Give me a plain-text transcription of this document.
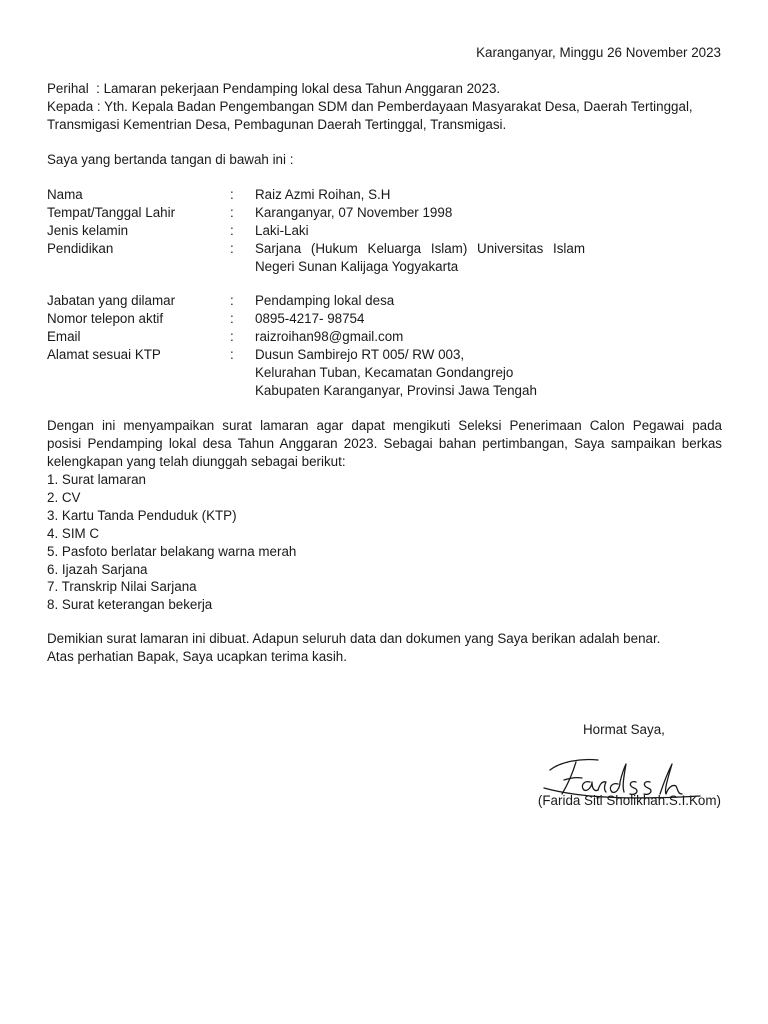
Karanganyar, Minggu 26 November 2023
Perihal  : Lamaran pekerjaan Pendamping lokal desa Tahun Anggaran 2023.
Kepada : Yth. Kepala Badan Pengembangan SDM dan Pemberdayaan Masyarakat Desa, Daerah Tertinggal,
Transmigasi Kementrian Desa, Pembagunan Daerah Tertinggal, Transmigasi.
Saya yang bertanda tangan di bawah ini :
Nama	:	Raiz Azmi Roihan, S.H
Tempat/Tanggal Lahir	:	Karanganyar, 07 November 1998
Jenis kelamin	:	Laki-Laki
Pendidikan	:	Sarjana (Hukum Keluarga Islam) Universitas Islam
Negeri Sunan Kalijaga Yogyakarta
Jabatan yang dilamar	:	Pendamping lokal desa
Nomor telepon aktif	:	0895-4217- 98754
Email	:	raizroihan98@gmail.com
Alamat sesuai KTP	:	Dusun Sambirejo RT 005/ RW 003,
Kelurahan Tuban, Kecamatan Gondangrejo
Kabupaten Karanganyar, Provinsi Jawa Tengah
Dengan ini menyampaikan surat lamaran agar dapat mengikuti Seleksi Penerimaan Calon Pegawai pada
posisi Pendamping lokal desa Tahun Anggaran 2023. Sebagai bahan pertimbangan, Saya sampaikan berkas
kelengkapan yang telah diunggah sebagai berikut:
1. Surat lamaran
2. CV
3. Kartu Tanda Penduduk (KTP)
4. SIM C
5. Pasfoto berlatar belakang warna merah
6. Ijazah Sarjana
7. Transkrip Nilai Sarjana
8. Surat keterangan bekerja
Demikian surat lamaran ini dibuat. Adapun seluruh data dan dokumen yang Saya berikan adalah benar.
Atas perhatian Bapak, Saya ucapkan terima kasih.
Hormat Saya,
(Farida Siti Sholikhah.S.I.Kom)
